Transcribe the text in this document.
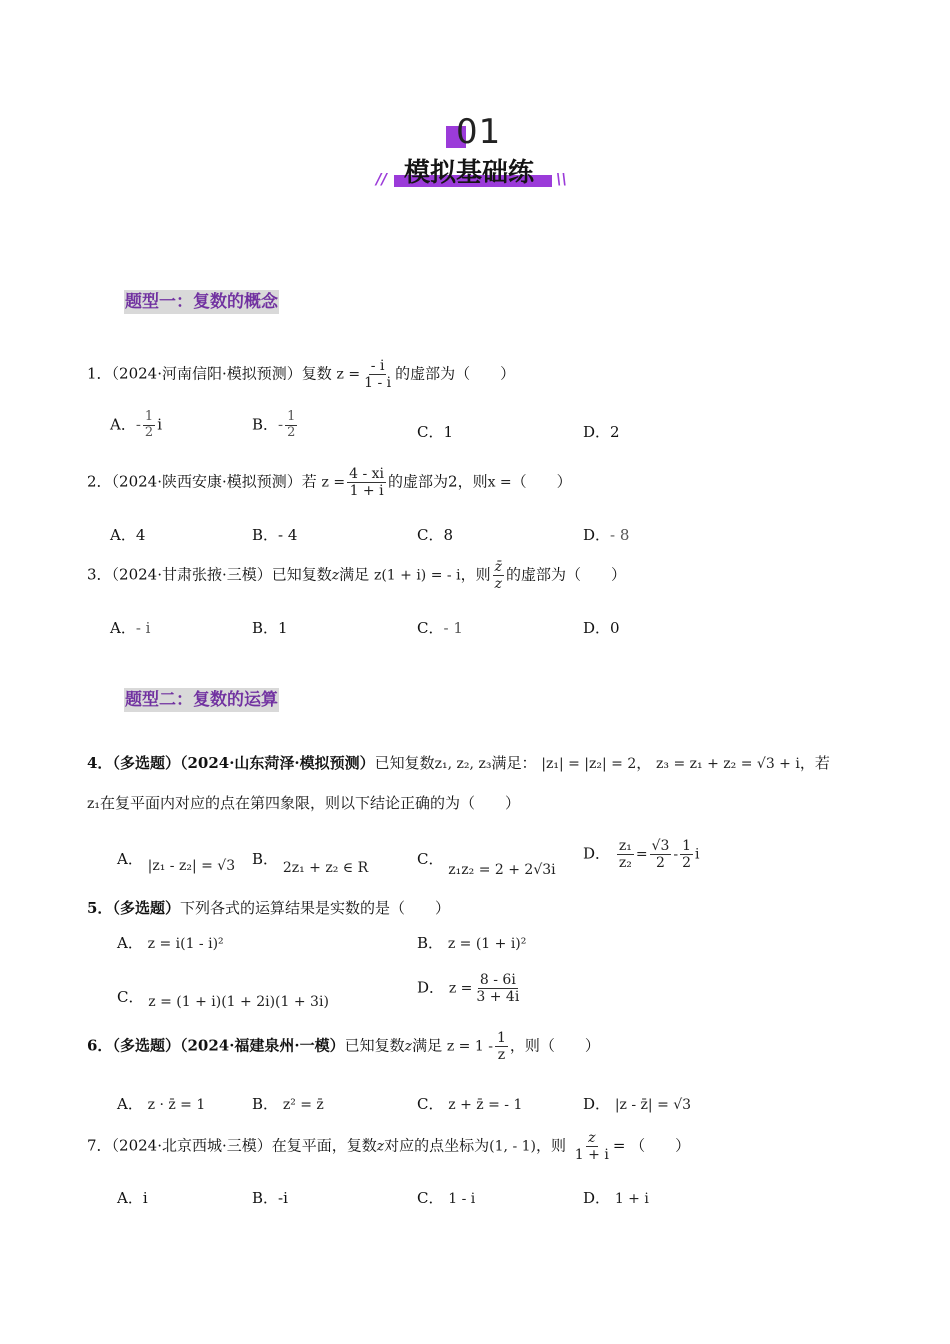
01
// 模拟基础练 \\
题型一：复数的概念
1．（2024·河南信阳·模拟预测）复数 $z = \frac{- i}{1 - i}$ 的虚部为（　　）
A．- $\frac{1}{2}$ i	B．- $\frac{1}{2}$	C．1	D．2
2．（2024·陕西安康·模拟预测）若 $z = \frac{4 - xi}{1 + i}$ 的虚部为2，则x =（　　）
A．4	B．- 4	C．8	D．- 8
3．（2024·甘肃张掖·三模）已知复数z满足 z(1 + i) = - i，则 $\frac{z̄}{z}$ 的虚部为（　　）
A．- i	B．1	C．- 1	D．0
题型二：复数的运算
4．（多选题）（2024·山东菏泽·模拟预测）已知复数z₁, z₂, z₃满足： |z₁| = |z₂| = 2， z₃ = z₁ + z₂ = √3 + i，若
z₁在复平面内对应的点在第四象限，则以下结论正确的为（　　）
A． |z₁ - z₂| = √3 B． 2z₁ + z₂ ∈ R	C． z₁z₂ = 2 + 2√3i
D． $\frac{\text{z₁}}{\text{z₂}} = \frac{√3}{2} - \frac{1}{2}$ i
5．（多选题）下列各式的运算结果是实数的是（　　）
A． z = i(1 - i)²	B． z = (1 + i)²
C． z = (1 + i)(1 + 2i)(1 + 3i)
D． $z = \frac{8 - 6i}{3 + 4i}$
6．（多选题）（2024·福建泉州·一模）已知复数z满足 $z = 1 - \frac{1}{z}$ ，则（　　）
A． z · z̄ = 1	B． z² = z̄	C． z + z̄ = - 1	D． |z - z̄| = √3
7．（2024·北京西城·三模）在复平面，复数z对应的点坐标为(1, - 1)，则 $\frac{z}{1 + i}$ = （　　）
A．i	B．-i	C． 1 - i	D． 1 + i
